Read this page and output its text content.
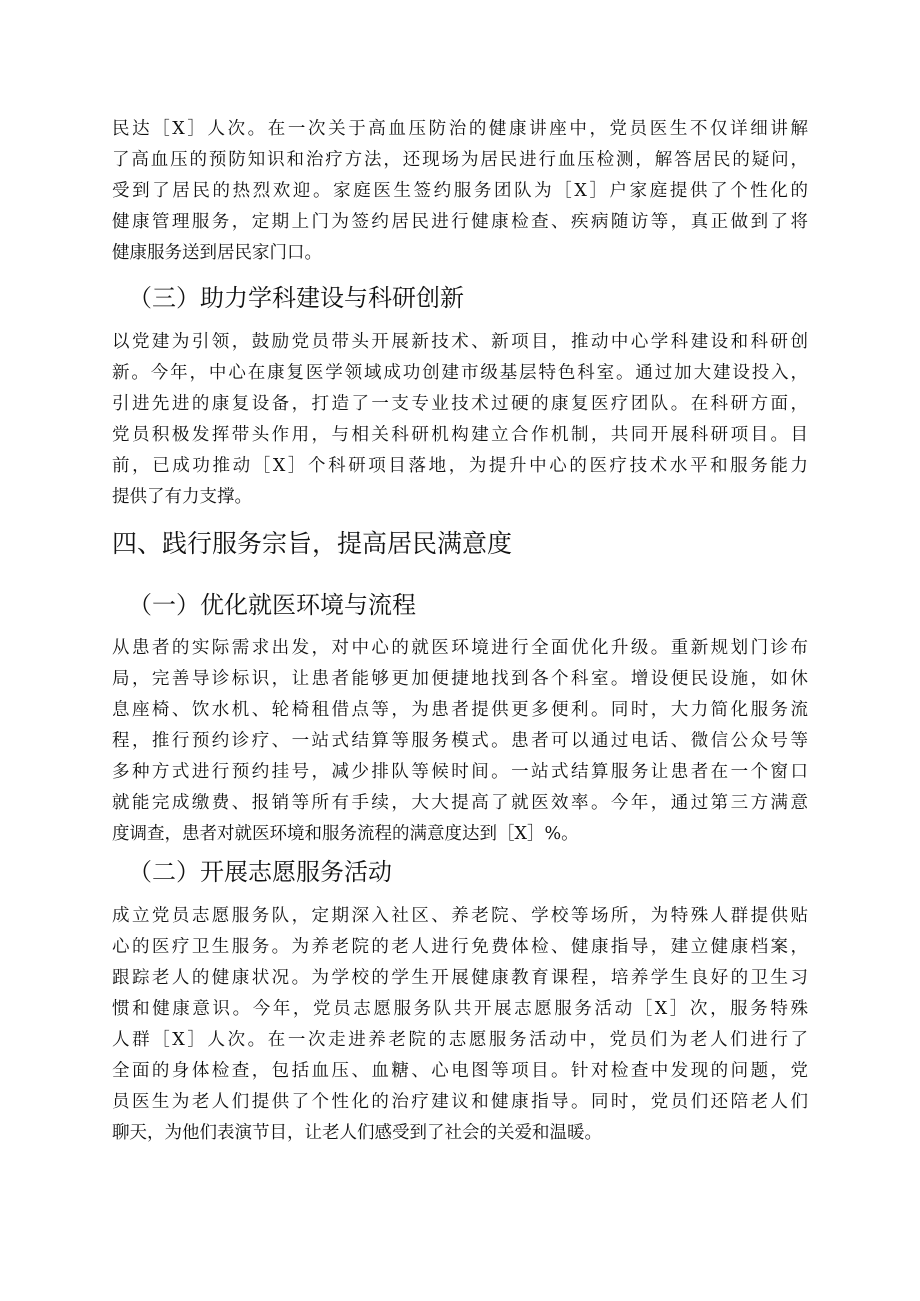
民达［X］人次。在一次关于高血压防治的健康讲座中，党员医生不仅详细讲解
了高血压的预防知识和治疗方法，还现场为居民进行血压检测，解答居民的疑问，
受到了居民的热烈欢迎。家庭医生签约服务团队为［X］户家庭提供了个性化的
健康管理服务，定期上门为签约居民进行健康检查、疾病随访等，真正做到了将
健康服务送到居民家门口。
（三）助力学科建设与科研创新
以党建为引领，鼓励党员带头开展新技术、新项目，推动中心学科建设和科研创
新。今年，中心在康复医学领域成功创建市级基层特色科室。通过加大建设投入，
引进先进的康复设备，打造了一支专业技术过硬的康复医疗团队。在科研方面，
党员积极发挥带头作用，与相关科研机构建立合作机制，共同开展科研项目。目
前，已成功推动［X］个科研项目落地，为提升中心的医疗技术水平和服务能力
提供了有力支撑。
四、践行服务宗旨，提高居民满意度
（一）优化就医环境与流程
从患者的实际需求出发，对中心的就医环境进行全面优化升级。重新规划门诊布
局，完善导诊标识，让患者能够更加便捷地找到各个科室。增设便民设施，如休
息座椅、饮水机、轮椅租借点等，为患者提供更多便利。同时，大力简化服务流
程，推行预约诊疗、一站式结算等服务模式。患者可以通过电话、微信公众号等
多种方式进行预约挂号，减少排队等候时间。一站式结算服务让患者在一个窗口
就能完成缴费、报销等所有手续，大大提高了就医效率。今年，通过第三方满意
度调查，患者对就医环境和服务流程的满意度达到［X］%。
（二）开展志愿服务活动
成立党员志愿服务队，定期深入社区、养老院、学校等场所，为特殊人群提供贴
心的医疗卫生服务。为养老院的老人进行免费体检、健康指导，建立健康档案，
跟踪老人的健康状况。为学校的学生开展健康教育课程，培养学生良好的卫生习
惯和健康意识。今年，党员志愿服务队共开展志愿服务活动［X］次，服务特殊
人群［X］人次。在一次走进养老院的志愿服务活动中，党员们为老人们进行了
全面的身体检查，包括血压、血糖、心电图等项目。针对检查中发现的问题，党
员医生为老人们提供了个性化的治疗建议和健康指导。同时，党员们还陪老人们
聊天，为他们表演节目，让老人们感受到了社会的关爱和温暖。
